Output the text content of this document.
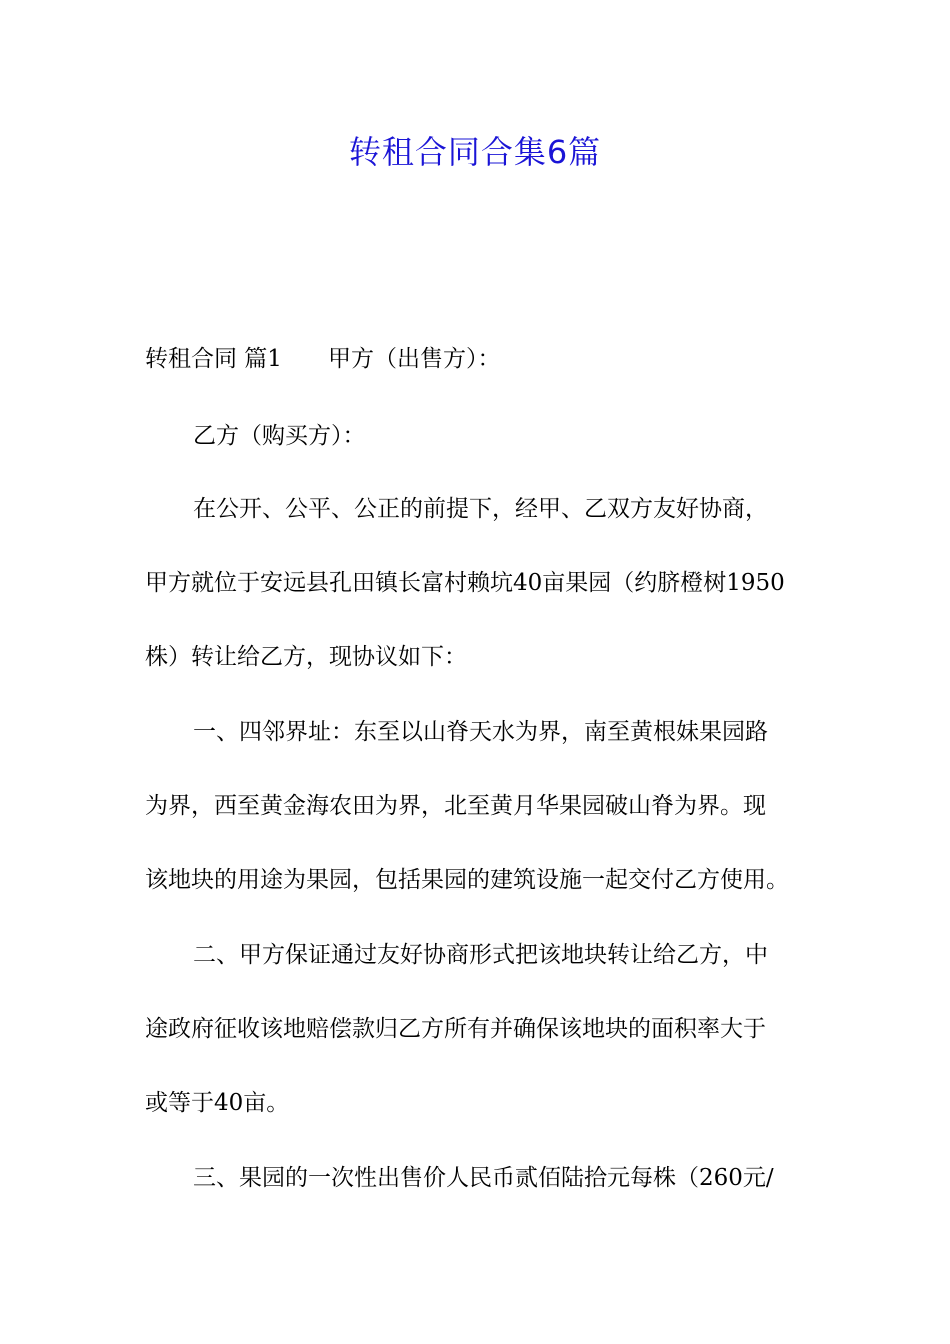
转租合同合集6篇
转租合同 篇1 甲方（出售方）：
乙方（购买方）：
在公开、公平、公正的前提下，经甲、乙双方友好协商，
甲方就位于安远县孔田镇长富村赖坑40亩果园（约脐橙树1950
株）转让给乙方，现协议如下：
一、四邻界址：东至以山脊天水为界，南至黄根妹果园路
为界，西至黄金海农田为界，北至黄月华果园破山脊为界。现
该地块的用途为果园，包括果园的建筑设施一起交付乙方使用。
二、甲方保证通过友好协商形式把该地块转让给乙方，中
途政府征收该地赔偿款归乙方所有并确保该地块的面积率大于
或等于40亩。
三、果园的一次性出售价人民币贰佰陆拾元每株（260元/
